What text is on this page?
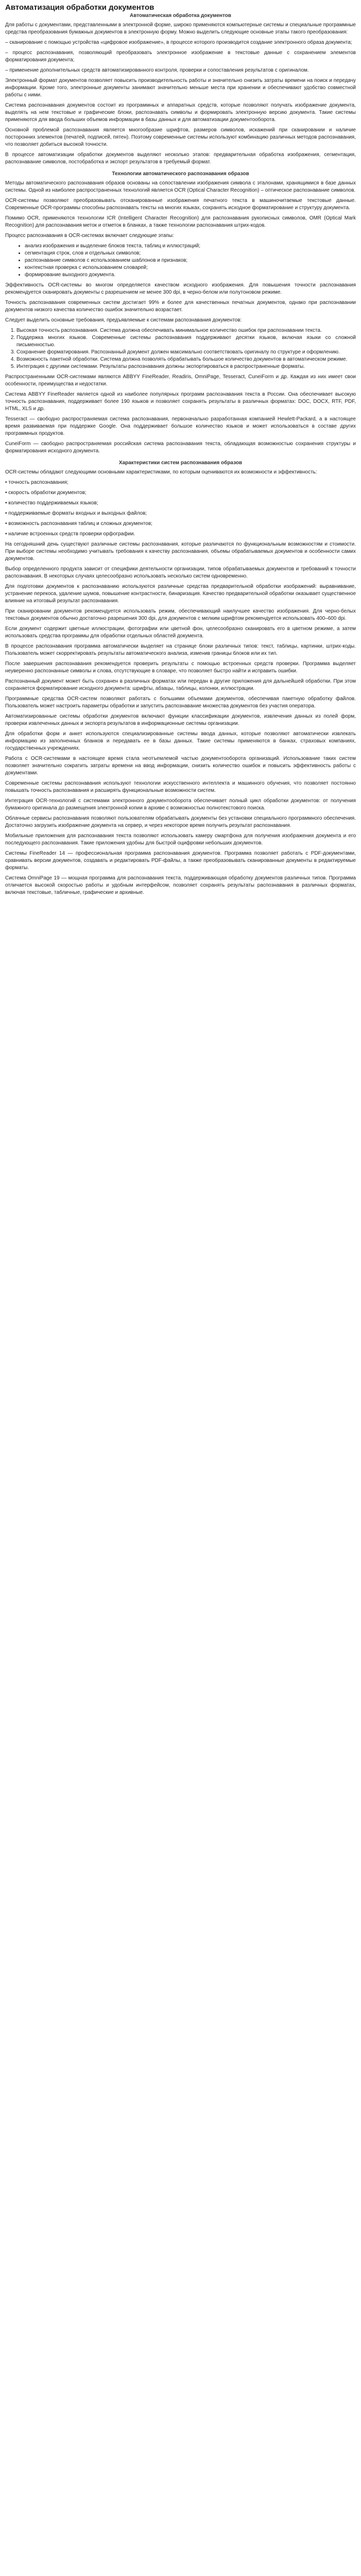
Автоматизация обработки документов
Автоматическая обработка документов

Для работы с документами, представленными в электронной форме, широко применяются компьютерные системы и специальные программные средства преобразования бумажных документов в электронную форму. Можно выделить следующие основные этапы такого преобразования:

– сканирование с помощью устройства «цифровое изображение», в процессе которого производится создание электронного образа документа;

– процесс распознавания, позволяющий преобразовать электронное изображение в текстовые данные с сохранением элементов форматирования документа;

– применение дополнительных средств автоматизированного контроля, проверки и сопоставления результатов с оригиналом.

Электронный формат документов позволяет повысить производительность работы и значительно снизить затраты времени на поиск и передачу информации. Кроме того, электронные документы занимают значительно меньше места при хранении и обеспечивают удобство совместной работы с ними.

Система распознавания документов состоит из программных и аппаратных средств, которые позволяют получать изображение документа, выделять на нем текстовые и графические блоки, распознавать символы и формировать электронную версию документа. Такие системы применяются для ввода больших объемов информации в базы данных и для автоматизации документооборота.

Основной проблемой распознавания является многообразие шрифтов, размеров символов, искажений при сканировании и наличие посторонних элементов (печатей, подписей, пятен). Поэтому современные системы используют комбинацию различных методов распознавания, что позволяет добиться высокой точности.

В процессе автоматизации обработки документов выделяют несколько этапов: предварительная обработка изображения, сегментация, распознавание символов, постобработка и экспорт результатов в требуемый формат.

Технологии автоматического распознавания образов

Методы автоматического распознавания образов основаны на сопоставлении изображения символа с эталонами, хранящимися в базе данных системы. Одной из наиболее распространенных технологий является OCR (Optical Character Recognition) – оптическое распознавание символов.

OCR-системы позволяют преобразовывать отсканированные изображения печатного текста в машиночитаемые текстовые данные. Современные OCR-программы способны распознавать тексты на многих языках, сохранять исходное форматирование и структуру документа.

Помимо OCR, применяются технологии ICR (Intelligent Character Recognition) для распознавания рукописных символов, OMR (Optical Mark Recognition) для распознавания меток и отметок в бланках, а также технологии распознавания штрих-кодов.

Процесс распознавания в OCR-системах включает следующие этапы:

• анализ изображения и выделение блоков текста, таблиц и иллюстраций;
• сегментация строк, слов и отдельных символов;
• распознавание символов с использованием шаблонов и признаков;
• контекстная проверка с использованием словарей;
• формирование выходного документа.

Эффективность OCR-системы во многом определяется качеством исходного изображения. Для повышения точности распознавания рекомендуется сканировать документы с разрешением не менее 300 dpi, в черно-белом или полутоновом режиме.

Точность распознавания современных систем достигает 99% и более для качественных печатных документов, однако при распознавании документов низкого качества количество ошибок значительно возрастает.

Следует выделить основные требования, предъявляемые к системам распознавания документов:

1. Высокая точность распознавания. Система должна обеспечивать минимальное количество ошибок при распознавании текста.
2. Поддержка многих языков. Современные системы распознавания поддерживают десятки языков, включая языки со сложной письменностью.
3. Сохранение форматирования. Распознанный документ должен максимально соответствовать оригиналу по структуре и оформлению.
4. Возможность пакетной обработки. Система должна позволять обрабатывать большое количество документов в автоматическом режиме.
5. Интеграция с другими системами. Результаты распознавания должны экспортироваться в распространенные форматы.

Распространенными OCR-системами являются ABBYY FineReader, Readiris, OmniPage, Tesseract, CuneiForm и др. Каждая из них имеет свои особенности, преимущества и недостатки.

Система ABBYY FineReader является одной из наиболее популярных программ распознавания текста в России. Она обеспечивает высокую точность распознавания, поддерживает более 190 языков и позволяет сохранять результаты в различных форматах: DOC, DOCX, RTF, PDF, HTML, XLS и др.

Tesseract — свободно распространяемая система распознавания, первоначально разработанная компанией Hewlett-Packard, а в настоящее время развиваемая при поддержке Google. Она поддерживает большое количество языков и может использоваться в составе других программных продуктов.

CuneiForm — свободно распространяемая российская система распознавания текста, обладающая возможностью сохранения структуры и форматирования исходного документа.

Характеристики систем распознавания образов

OCR-системы обладают следующими основными характеристиками, по которым оцениваются их возможности и эффективность:

• точность распознавания;

• скорость обработки документов;

• количество поддерживаемых языков;

• поддерживаемые форматы входных и выходных файлов;

• возможность распознавания таблиц и сложных документов;

• наличие встроенных средств проверки орфографии.

На сегодняшний день существуют различные системы распознавания, которые различаются по функциональным возможностям и стоимости. При выборе системы необходимо учитывать требования к качеству распознавания, объемы обрабатываемых документов и особенности самих документов.

Выбор определенного продукта зависит от специфики деятельности организации, типов обрабатываемых документов и требований к точности распознавания. В некоторых случаях целесообразно использовать несколько систем одновременно.

Для подготовки документов к распознаванию используются различные средства предварительной обработки изображений: выравнивание, устранение перекоса, удаление шумов, повышение контрастности, бинаризация. Качество предварительной обработки оказывает существенное влияние на итоговый результат распознавания.

При сканировании документов рекомендуется использовать режим, обеспечивающий наилучшее качество изображения. Для черно-белых текстовых документов обычно достаточно разрешения 300 dpi, для документов с мелким шрифтом рекомендуется использовать 400–600 dpi.

Если документ содержит цветные иллюстрации, фотографии или цветной фон, целесообразно сканировать его в цветном режиме, а затем использовать средства программы для обработки отдельных областей документа.

В процессе распознавания программа автоматически выделяет на странице блоки различных типов: текст, таблицы, картинки, штрих-коды. Пользователь может скорректировать результаты автоматического анализа, изменив границы блоков или их тип.

После завершения распознавания рекомендуется проверить результаты с помощью встроенных средств проверки. Программа выделяет неуверенно распознанные символы и слова, отсутствующие в словаре, что позволяет быстро найти и исправить ошибки.

Распознанный документ может быть сохранен в различных форматах или передан в другие приложения для дальнейшей обработки. При этом сохраняется форматирование исходного документа: шрифты, абзацы, таблицы, колонки, иллюстрации.

Программные средства OCR-систем позволяют работать с большими объемами документов, обеспечивая пакетную обработку файлов. Пользователь может настроить параметры обработки и запустить распознавание множества документов без участия оператора.

Автоматизированные системы обработки документов включают функции классификации документов, извлечения данных из полей форм, проверки извлеченных данных и экспорта результатов в информационные системы организации.

Для обработки форм и анкет используются специализированные системы ввода данных, которые позволяют автоматически извлекать информацию из заполненных бланков и передавать ее в базы данных. Такие системы применяются в банках, страховых компаниях, государственных учреждениях.

Работа с OCR-системами в настоящее время стала неотъемлемой частью документооборота организаций. Использование таких систем позволяет значительно сократить затраты времени на ввод информации, снизить количество ошибок и повысить эффективность работы с документами.

Современные системы распознавания используют технологии искусственного интеллекта и машинного обучения, что позволяет постоянно повышать точность распознавания и расширять функциональные возможности систем.

Интеграция OCR-технологий с системами электронного документооборота обеспечивает полный цикл обработки документов: от получения бумажного оригинала до размещения электронной копии в архиве с возможностью полнотекстового поиска.

Облачные сервисы распознавания позволяют пользователям обрабатывать документы без установки специального программного обеспечения. Достаточно загрузить изображение документа на сервер, и через некоторое время получить результат распознавания.

Мобильные приложения для распознавания текста позволяют использовать камеру смартфона для получения изображения документа и его последующего распознавания. Такие приложения удобны для быстрой оцифровки небольших документов.

Системы FineReader 14 — профессиональная программа распознавания документов. Программа позволяет работать с PDF-документами, сравнивать версии документов, создавать и редактировать PDF-файлы, а также преобразовывать сканированные документы в редактируемые форматы.

Система OmniPage 19 — мощная программа для распознавания текста, поддерживающая обработку документов различных типов. Программа отличается высокой скоростью работы и удобным интерфейсом, позволяет сохранять результаты распознавания в различных форматах, включая текстовые, табличные, графические и архивные.
